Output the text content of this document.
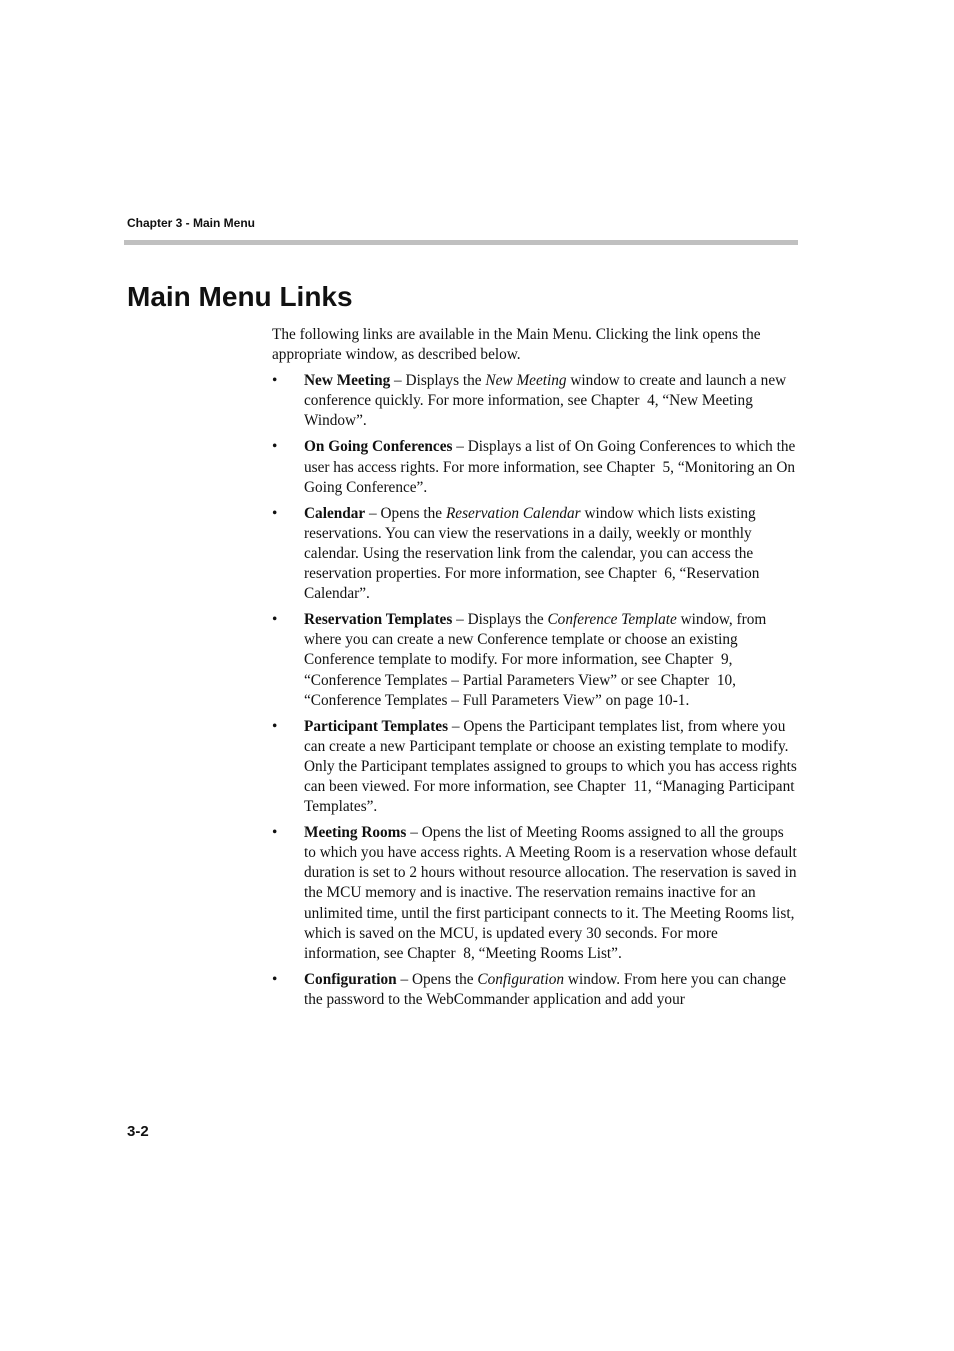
Chapter 3 - Main Menu
Main Menu Links

The following links are available in the Main Menu. Clicking the link opens the appropriate window, as described below.

• New Meeting – Displays the New Meeting window to create and launch a new conference quickly. For more information, see Chapter  4, “New Meeting Window”.
• On Going Conferences – Displays a list of On Going Conferences to which the user has access rights. For more information, see Chapter  5, “Monitoring an On Going Conference”.
• Calendar – Opens the Reservation Calendar window which lists existing reservations. You can view the reservations in a daily, weekly or monthly calendar. Using the reservation link from the calendar, you can access the reservation properties. For more information, see Chapter  6, “Reservation Calendar”.
• Reservation Templates – Displays the Conference Template window, from where you can create a new Conference template or choose an existing Conference template to modify. For more information, see Chapter  9, “Conference Templates – Partial Parameters View” or see Chapter  10, “Conference Templates – Full Parameters View” on page 10-1.
• Participant Templates – Opens the Participant templates list, from where you can create a new Participant template or choose an existing template to modify. Only the Participant templates assigned to groups to which you has access rights can been viewed. For more information, see Chapter  11, “Managing Participant Templates”.
• Meeting Rooms – Opens the list of Meeting Rooms assigned to all the groups to which you have access rights. A Meeting Room is a reservation whose default duration is set to 2 hours without resource allocation. The reservation is saved in the MCU memory and is inactive. The reservation remains inactive for an unlimited time, until the first participant connects to it. The Meeting Rooms list, which is saved on the MCU, is updated every 30 seconds. For more information, see Chapter  8, “Meeting Rooms List”.
• Configuration – Opens the Configuration window. From here you can change the password to the WebCommander application and add your
3-2
